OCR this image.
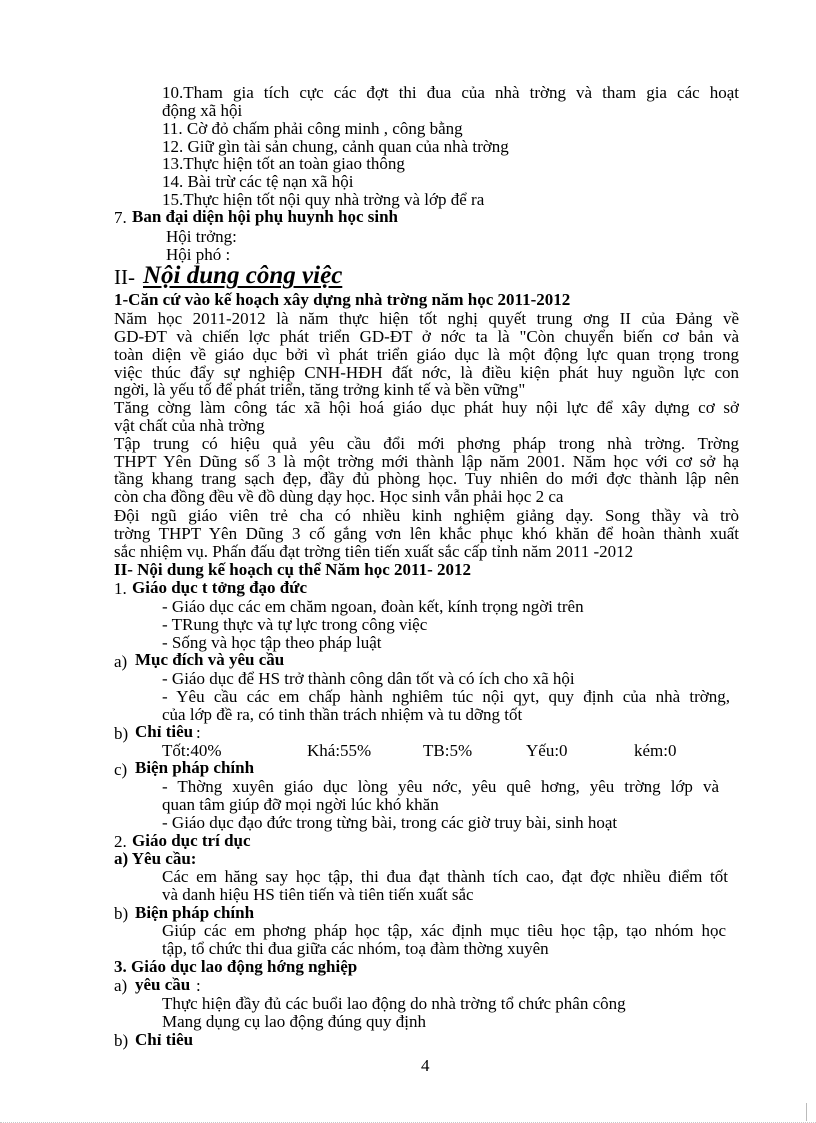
10.Tham gia tích cực các đợt thi đua của nhà trờng và tham gia các hoạt
động xã hội
11. Cờ đỏ chấm phải công minh , công bằng
12. Giữ gìn tài sản chung, cảnh quan của nhà trờng
13.Thực hiện tốt an toàn giao thông
14. Bài trừ các tệ nạn xã hội
15.Thực hiện tốt nội quy nhà trờng và lớp để ra
7. Ban đại diện hội phụ huynh học sinh
Hội trởng:
Hội phó :
II- Nội dung công việc
1-Căn cứ vào kế hoạch xây dựng nhà trờng năm học 2011-2012
Năm học 2011-2012 là năm thực hiện tốt nghị quyết trung ơng II của Đảng về
GD-ĐT và chiến lợc phát triển GD-ĐT ở nớc ta là "Còn chuyển biến cơ bản và
toàn diện về giáo dục bởi vì phát triển giáo dục là một động lực quan trọng trong
việc thúc đẩy sự nghiệp CNH-HĐH đất nớc, là điều kiện phát huy nguồn lực con
ngời, là yếu tố để phát triển, tăng trởng kinh tế và bền vững"
Tăng cờng làm công tác xã hội hoá giáo dục phát huy nội lực để xây dựng cơ sở
vật chất của nhà trờng
Tập trung có hiệu quả yêu cầu đổi mới phơng pháp trong nhà trờng. Trờng
THPT Yên Dũng số 3 là một trờng mới thành lập năm 2001. Năm học với cơ sở hạ
tầng khang trang sạch đẹp, đầy đủ phòng học. Tuy nhiên do mới đợc thành lập nên
còn cha đồng đều về đồ dùng dạy học. Học sinh vẫn phải học 2 ca
Đội ngũ giáo viên trẻ cha có nhiều kinh nghiệm giảng dạy. Song thầy và trò
trờng THPT Yên Dũng 3 cố gắng vơn lên khắc phục khó khăn để hoàn thành xuất
sắc nhiệm vụ. Phấn đấu đạt trờng tiên tiến xuất sắc cấp tỉnh năm 2011 -2012
II- Nội dung kế hoạch cụ thể Năm học 2011- 2012
1. Giáo dục t tởng đạo đức
- Giáo dục các em chăm ngoan, đoàn kết, kính trọng ngời trên
- TRung thực và tự lực trong công việc
- Sống và học tập theo pháp luật
a) Mục đích và yêu cầu
- Giáo dục để HS trở thành công dân tốt và có ích cho xã hội
- Yêu cầu các em chấp hành nghiêm túc nội qyt, quy định của nhà trờng,
của lớp đề ra, có tinh thần trách nhiệm và tu dỡng tốt
b) Chỉ tiêu :
Tốt:40%	Khá:55%	TB:5%	Yếu:0	kém:0
c) Biện pháp chính
- Thờng xuyên giáo dục lòng yêu nớc, yêu quê hơng, yêu trờng lớp và
quan tâm giúp đỡ mọi ngời lúc khó khăn
- Giáo dục đạo đức trong từng bài, trong các giờ truy bài, sinh hoạt
2. Giáo dục trí dục
a) Yêu cầu:
Các em hăng say học tập, thi đua đạt thành tích cao, đạt đợc nhiều điểm tốt
và danh hiệu HS tiên tiến và tiên tiến xuất sắc
b) Biện pháp chính
Giúp các em phơng pháp học tập, xác định mục tiêu học tập, tạo nhóm học
tập, tổ chức thi đua giữa các nhóm, toạ đàm thờng xuyên
3. Giáo dục lao động hớng nghiệp
a) yêu cầu :
Thực hiện đầy đủ các buổi lao động do nhà trờng tổ chức phân công
Mang dụng cụ lao động đúng quy định
b) Chỉ tiêu
4
